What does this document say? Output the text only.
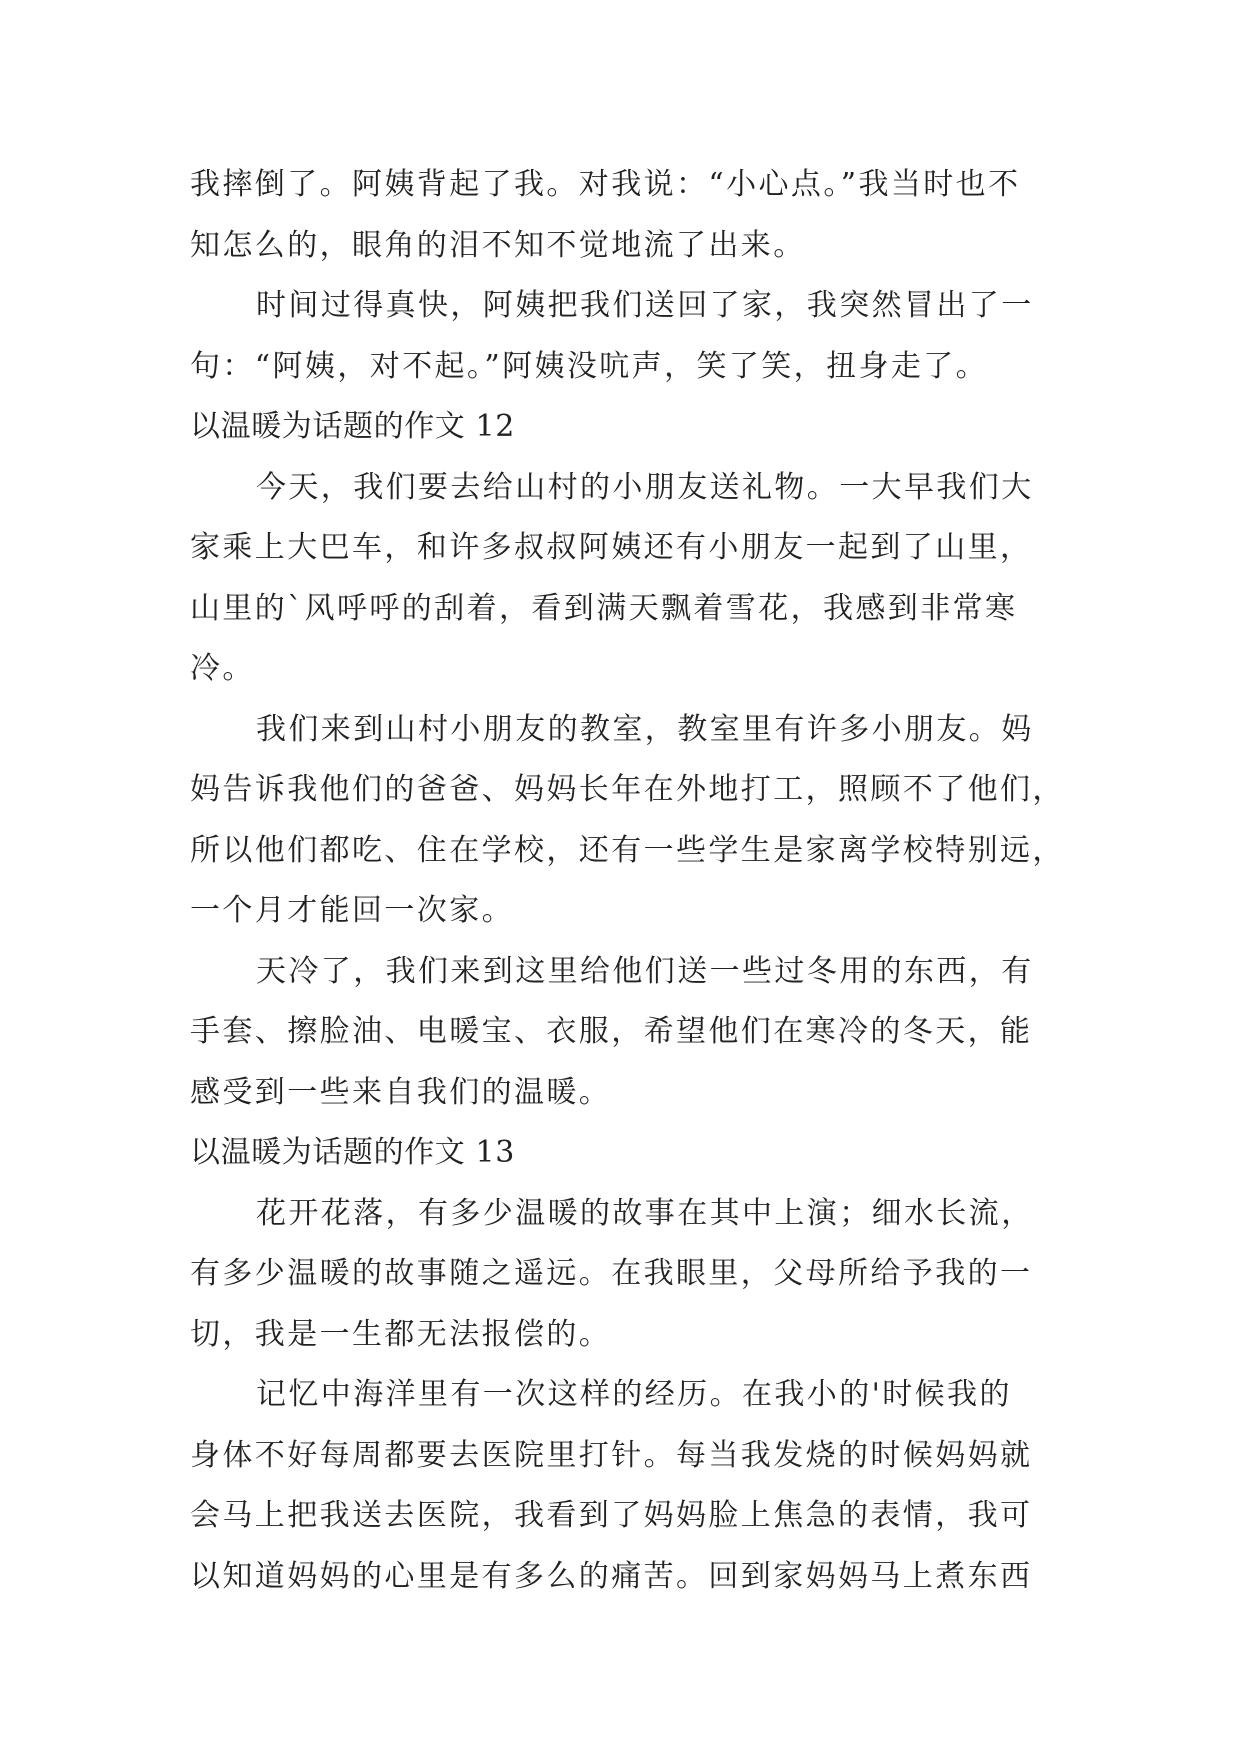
我摔倒了。阿姨背起了我。对我说：“小心点。”我当时也不
知怎么的，眼角的泪不知不觉地流了出来。
时间过得真快，阿姨把我们送回了家，我突然冒出了一
句：“阿姨，对不起。”阿姨没吭声，笑了笑，扭身走了。
以温暖为话题的作文 12
今天，我们要去给山村的小朋友送礼物。一大早我们大
家乘上大巴车，和许多叔叔阿姨还有小朋友一起到了山里，
山里的`风呼呼的刮着，看到满天飘着雪花，我感到非常寒
冷。
我们来到山村小朋友的教室，教室里有许多小朋友。妈
妈告诉我他们的爸爸、妈妈长年在外地打工，照顾不了他们，
所以他们都吃、住在学校，还有一些学生是家离学校特别远，
一个月才能回一次家。
天冷了，我们来到这里给他们送一些过冬用的东西，有
手套、擦脸油、电暖宝、衣服，希望他们在寒冷的冬天，能
感受到一些来自我们的温暖。
以温暖为话题的作文 13
花开花落，有多少温暖的故事在其中上演；细水长流，
有多少温暖的故事随之遥远。在我眼里，父母所给予我的一
切，我是一生都无法报偿的。
记忆中海洋里有一次这样的经历。在我小的'时候我的
身体不好每周都要去医院里打针。每当我发烧的时候妈妈就
会马上把我送去医院，我看到了妈妈脸上焦急的表情，我可
以知道妈妈的心里是有多么的痛苦。回到家妈妈马上煮东西
